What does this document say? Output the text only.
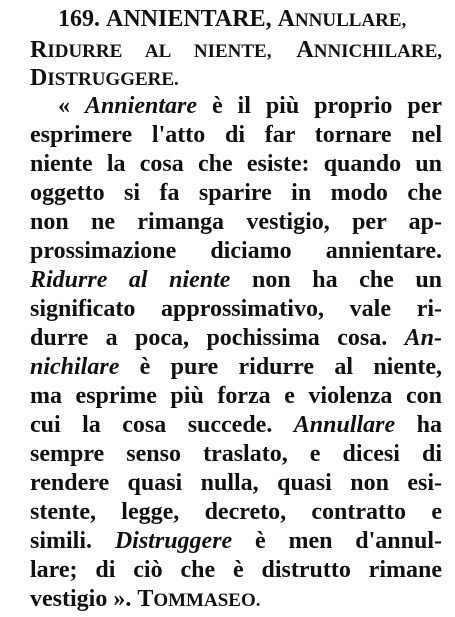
169. ANNIENTARE, ANNULLARE,
RIDURRE AL NIENTE, ANNICHILARE,
DISTRUGGERE.
« Annientare è il più proprio per
esprimere l'atto di far tornare nel
niente la cosa che esiste: quando un
oggetto si fa sparire in modo che
non ne rimanga vestigio, per ap-
prossimazione diciamo annientare.
Ridurre al niente non ha che un
significato approssimativo, vale ri-
durre a poca, pochissima cosa. An-
nichilare è pure ridurre al niente,
ma esprime più forza e violenza con
cui la cosa succede. Annullare ha
sempre senso traslato, e dicesi di
rendere quasi nulla, quasi non esi-
stente, legge, decreto, contratto e
simili. Distruggere è men d'annul-
lare; di ciò che è distrutto rimane
vestigio ». TOMMASEO.
